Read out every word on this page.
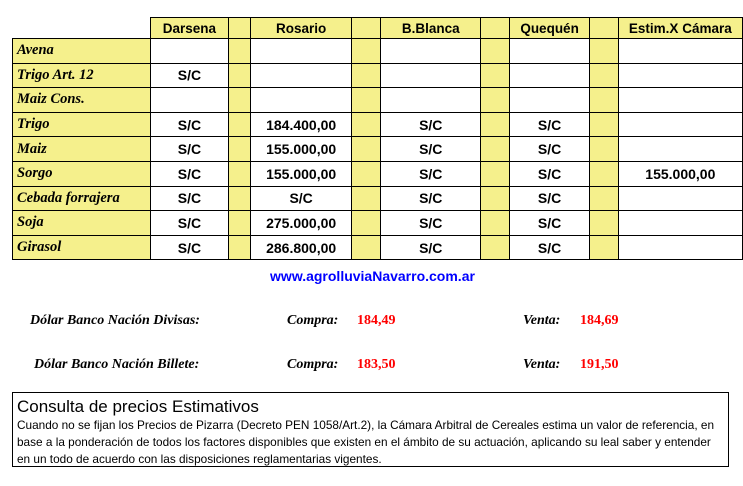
	Darsena		Rosario		B.Blanca		Quequén		Estim.X Cámara
Avena									
Trigo Art. 12	S/C								
Maiz Cons.									
Trigo	S/C		184.400,00		S/C		S/C		
Maiz	S/C		155.000,00		S/C		S/C		
Sorgo	S/C		155.000,00		S/C		S/C		155.000,00
Cebada forrajera	S/C		S/C		S/C		S/C		
Soja	S/C		275.000,00		S/C		S/C		
Girasol	S/C		286.800,00		S/C		S/C		
www.agrolluviaNavarro.com.ar
Dólar Banco Nación Divisas:	Compra: 184,49	Venta: 184,69
Dólar Banco Nación Billete:	Compra: 183,50	Venta: 191,50
Consulta de precios Estimativos
Cuando no se fijan los Precios de Pizarra (Decreto PEN 1058/Art.2), la Cámara Arbitral de Cereales estima un valor de referencia, en base a la ponderación de todos los factores disponibles que existen en el ámbito de su actuación, aplicando su leal saber y entender en un todo de acuerdo con las disposiciones reglamentarias vigentes.
